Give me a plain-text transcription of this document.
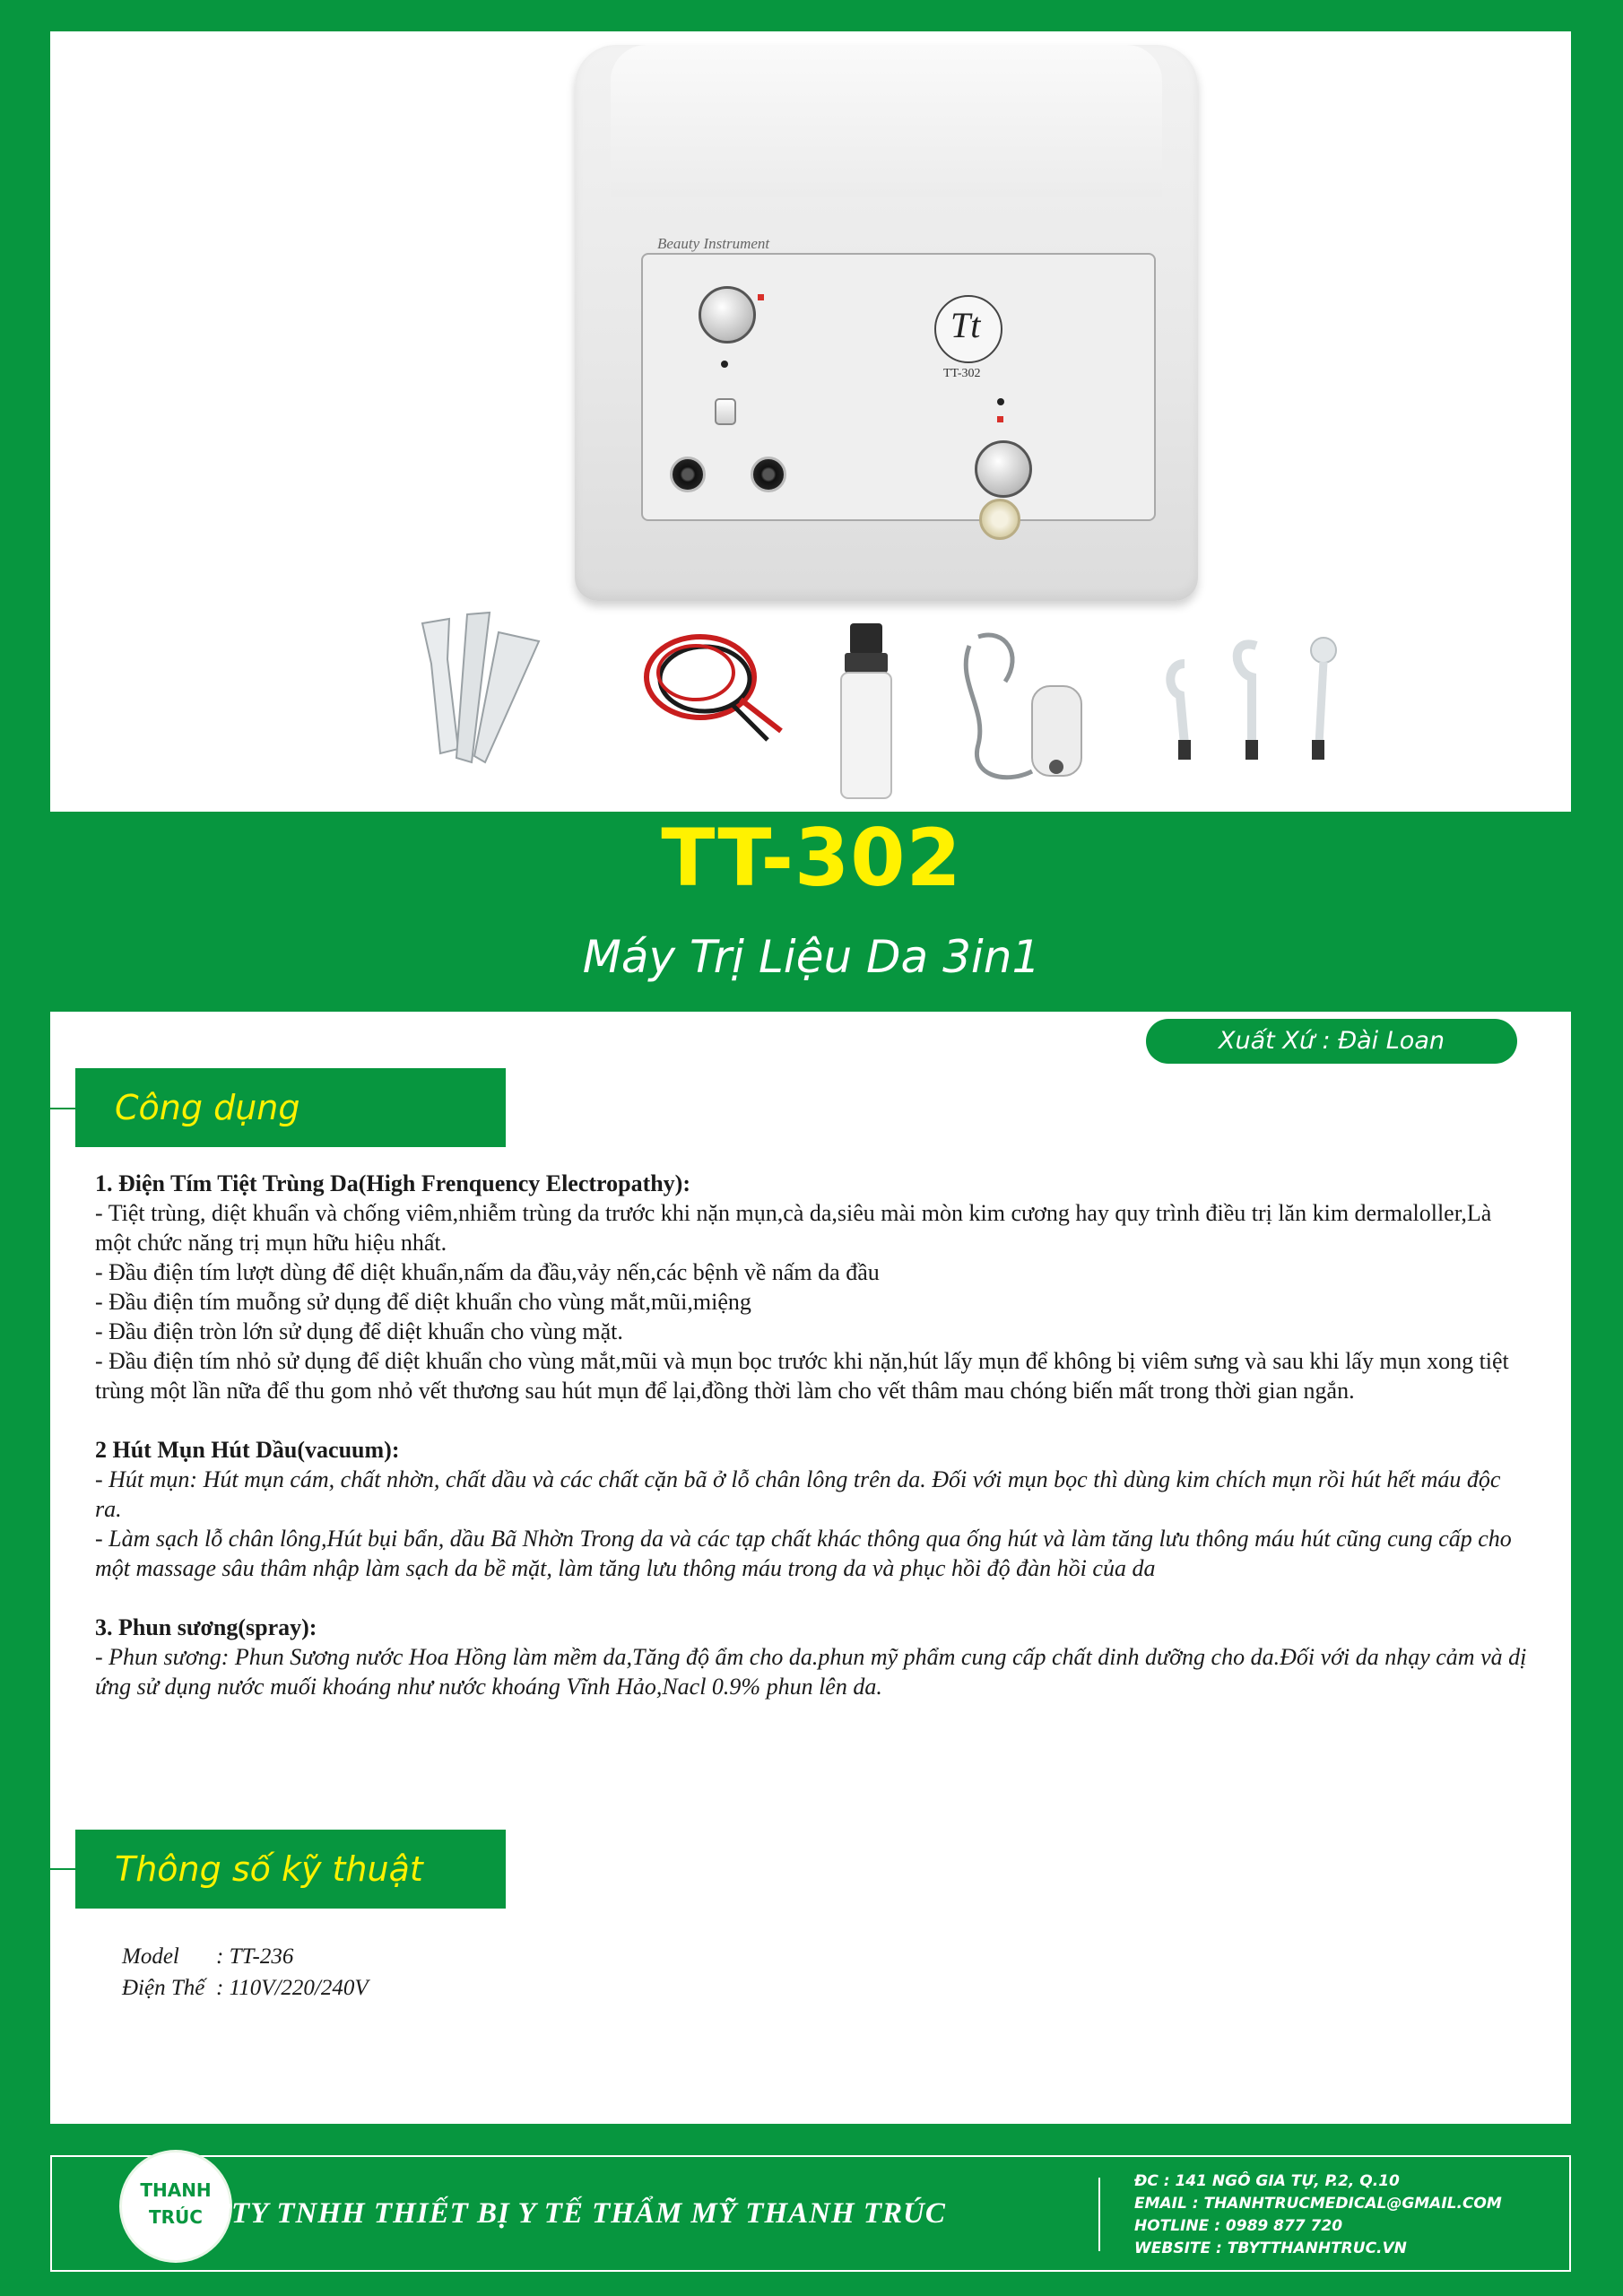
Beauty Instrument
Tt
TT-302
TT-302
Máy Trị Liệu Da 3in1
Xuất Xứ : Đài Loan
Công dụng

1. Điện Tím Tiệt Trùng Da(High Frenquency Electropathy):

- Tiệt trùng, diệt khuẩn và chống viêm,nhiễm trùng da trước khi nặn mụn,cà da,siêu mài mòn kim cương hay quy trình điều trị lăn kim dermaloller,Là một chức năng trị mụn hữu hiệu nhất.

- Đầu điện tím lượt dùng để diệt khuẩn,nấm da đầu,vảy nến,các bệnh về nấm da đầu

- Đầu điện tím muỗng sử dụng để diệt khuẩn cho vùng mắt,mũi,miệng

- Đầu điện tròn lớn sử dụng để diệt khuẩn cho vùng mặt.

- Đầu điện tím nhỏ sử dụng để diệt khuẩn cho vùng mắt,mũi và mụn bọc trước khi nặn,hút lấy mụn để không bị viêm sưng và sau khi lấy mụn xong tiệt trùng một lần nữa để thu gom nhỏ vết thương sau hút mụn để lại,đồng thời làm cho vết thâm mau chóng biến mất trong thời gian ngắn.

2 Hút Mụn Hút Dầu(vacuum):

- Hút mụn: Hút mụn cám, chất nhờn, chất dầu và các chất cặn bã ở lỗ chân lông trên da. Đối với mụn bọc thì dùng kim chích mụn rồi hút hết máu độc ra.

- Làm sạch lỗ chân lông,Hút bụi bẩn, dầu Bã Nhờn Trong da và các tạp chất khác thông qua ống hút và làm tăng lưu thông máu hút cũng cung cấp cho một massage sâu thâm nhập làm sạch da bề mặt, làm tăng lưu thông máu trong da và phục hồi độ đàn hồi của da

3. Phun sương(spray):

- Phun sương: Phun Sương nước Hoa Hồng làm mềm da,Tăng độ ẩm cho da.phun mỹ phẩm cung cấp chất dinh dưỡng cho da.Đối với da nhạy cảm và dị ứng sử dụng nước muối khoáng như nước khoáng Vĩnh Hảo,Nacl 0.9% phun lên da.

Thông số kỹ thuật
Model : TT-236
Điện Thế : 110V/220/240V
THANH
TRÚC CTY TNHH THIẾT BỊ Y TẾ THẨM MỸ THANH TRÚC
ĐC : 141 NGÔ GIA TỰ, P.2, Q.10
EMAIL : THANHTRUCMEDICAL@GMAIL.COM
HOTLINE : 0989 877 720
WEBSITE : TBYTTHANHTRUC.VN
